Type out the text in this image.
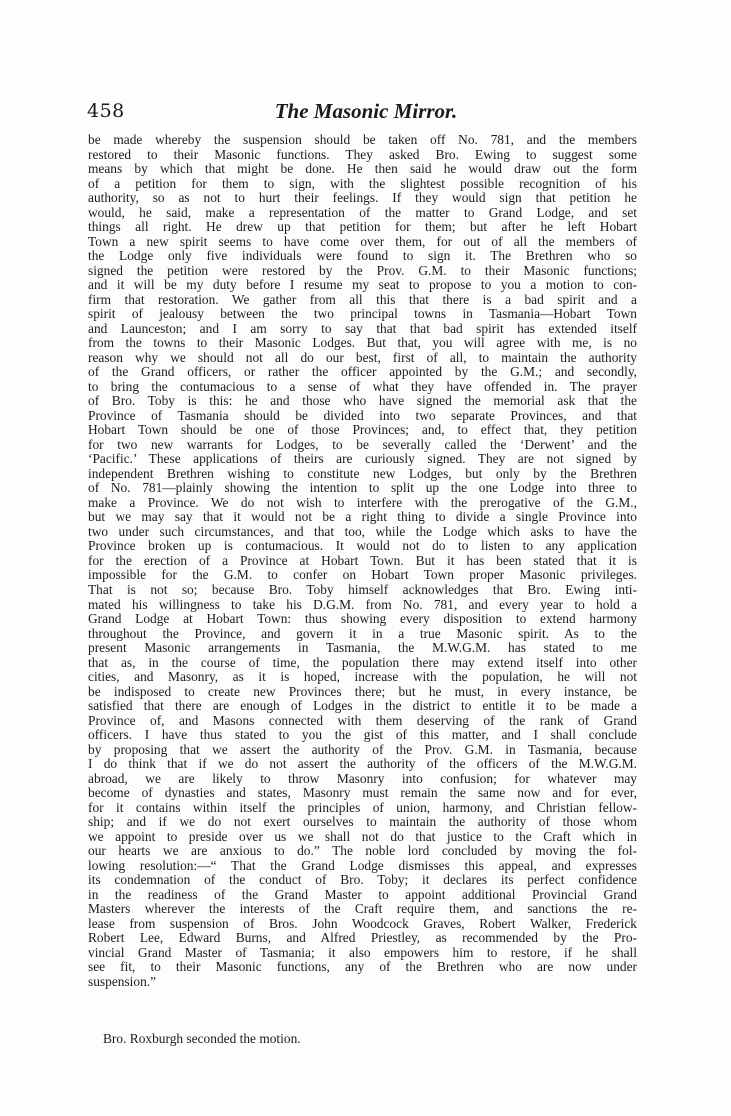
458	The Masonic Mirror.
be made whereby the suspension should be taken off No. 781, and the members
restored to their Masonic functions. They asked Bro. Ewing to suggest some
means by which that might be done. He then said he would draw out the form
of a petition for them to sign, with the slightest possible recognition of his
authority, so as not to hurt their feelings. If they would sign that petition he
would, he said, make a representation of the matter to Grand Lodge, and set
things all right. He drew up that petition for them; but after he left Hobart
Town a new spirit seems to have come over them, for out of all the members of
the Lodge only five individuals were found to sign it. The Brethren who so
signed the petition were restored by the Prov. G.M. to their Masonic functions;
and it will be my duty before I resume my seat to propose to you a motion to con-
firm that restoration. We gather from all this that there is a bad spirit and a
spirit of jealousy between the two principal towns in Tasmania—Hobart Town
and Launceston; and I am sorry to say that that bad spirit has extended itself
from the towns to their Masonic Lodges. But that, you will agree with me, is no
reason why we should not all do our best, first of all, to maintain the authority
of the Grand officers, or rather the officer appointed by the G.M.; and secondly,
to bring the contumacious to a sense of what they have offended in. The prayer
of Bro. Toby is this: he and those who have signed the memorial ask that the
Province of Tasmania should be divided into two separate Provinces, and that
Hobart Town should be one of those Provinces; and, to effect that, they petition
for two new warrants for Lodges, to be severally called the ‘Derwent’ and the
‘Pacific.’ These applications of theirs are curiously signed. They are not signed by
independent Brethren wishing to constitute new Lodges, but only by the Brethren
of No. 781—plainly showing the intention to split up the one Lodge into three to
make a Province. We do not wish to interfere with the prerogative of the G.M.,
but we may say that it would not be a right thing to divide a single Province into
two under such circumstances, and that too, while the Lodge which asks to have the
Province broken up is contumacious. It would not do to listen to any application
for the erection of a Province at Hobart Town. But it has been stated that it is
impossible for the G.M. to confer on Hobart Town proper Masonic privileges.
That is not so; because Bro. Toby himself acknowledges that Bro. Ewing inti-
mated his willingness to take his D.G.M. from No. 781, and every year to hold a
Grand Lodge at Hobart Town: thus showing every disposition to extend harmony
throughout the Province, and govern it in a true Masonic spirit. As to the
present Masonic arrangements in Tasmania, the M.W.G.M. has stated to me
that as, in the course of time, the population there may extend itself into other
cities, and Masonry, as it is hoped, increase with the population, he will not
be indisposed to create new Provinces there; but he must, in every instance, be
satisfied that there are enough of Lodges in the district to entitle it to be made a
Province of, and Masons connected with them deserving of the rank of Grand
officers. I have thus stated to you the gist of this matter, and I shall conclude
by proposing that we assert the authority of the Prov. G.M. in Tasmania, because
I do think that if we do not assert the authority of the officers of the M.W.G.M.
abroad, we are likely to throw Masonry into confusion; for whatever may
become of dynasties and states, Masonry must remain the same now and for ever,
for it contains within itself the principles of union, harmony, and Christian fellow-
ship; and if we do not exert ourselves to maintain the authority of those whom
we appoint to preside over us we shall not do that justice to the Craft which in
our hearts we are anxious to do.” The noble lord concluded by moving the fol-
lowing resolution:—“ That the Grand Lodge dismisses this appeal, and expresses
its condemnation of the conduct of Bro. Toby; it declares its perfect confidence
in the readiness of the Grand Master to appoint additional Provincial Grand
Masters wherever the interests of the Craft require them, and sanctions the re-
lease from suspension of Bros. John Woodcock Graves, Robert Walker, Frederick
Robert Lee, Edward Burns, and Alfred Priestley, as recommended by the Pro-
vincial Grand Master of Tasmania; it also empowers him to restore, if he shall
see fit, to their Masonic functions, any of the Brethren who are now under
suspension.”
Bro. Roxburgh seconded the motion.
